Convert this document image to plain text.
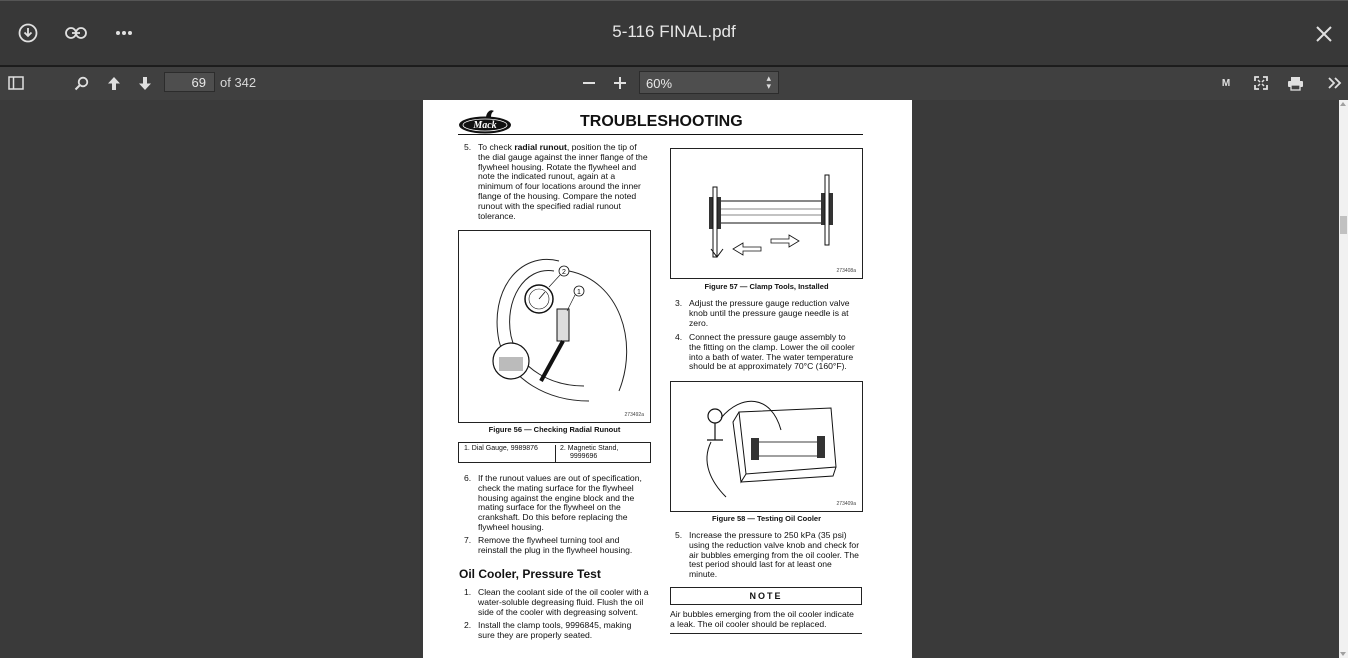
5-116 FINAL.pdf
69	of 342	60%	▴
▾	M
Mack	TROUBLESHOOTING
5. To check radial runout, position the tip of
the dial gauge against the inner flange of the
flywheel housing. Rotate the flywheel and
note the indicated runout, again at a
minimum of four locations around the inner
flange of the housing. Compare the noted
runout with the specified radial runout
tolerance.
1
2
273492a
Figure 56 — Checking Radial Runout
1. Dial Gauge, 9989876	2. Magnetic Stand,
9999696
6. If the runout values are out of specification,
check the mating surface for the flywheel
housing against the engine block and the
mating surface for the flywheel on the
crankshaft. Do this before replacing the
flywheel housing.
7. Remove the flywheel turning tool and
reinstall the plug in the flywheel housing.
Oil Cooler, Pressure Test
1. Clean the coolant side of the oil cooler with a
water-soluble degreasing fluid. Flush the oil
side of the cooler with degreasing solvent.
2. Install the clamp tools, 9996845, making
sure they are properly seated.
273408a
Figure 57 — Clamp Tools, Installed
3. Adjust the pressure gauge reduction valve
knob until the pressure gauge needle is at
zero.
4. Connect the pressure gauge assembly to
the fitting on the clamp. Lower the oil cooler
into a bath of water. The water temperature
should be at approximately 70°C (160°F).
273409a
Figure 58 — Testing Oil Cooler
5. Increase the pressure to 250 kPa (35 psi)
using the reduction valve knob and check for
air bubbles emerging from the oil cooler. The
test period should last for at least one
minute.
NOTE
Air bubbles emerging from the oil cooler indicate
a leak. The oil cooler should be replaced.
